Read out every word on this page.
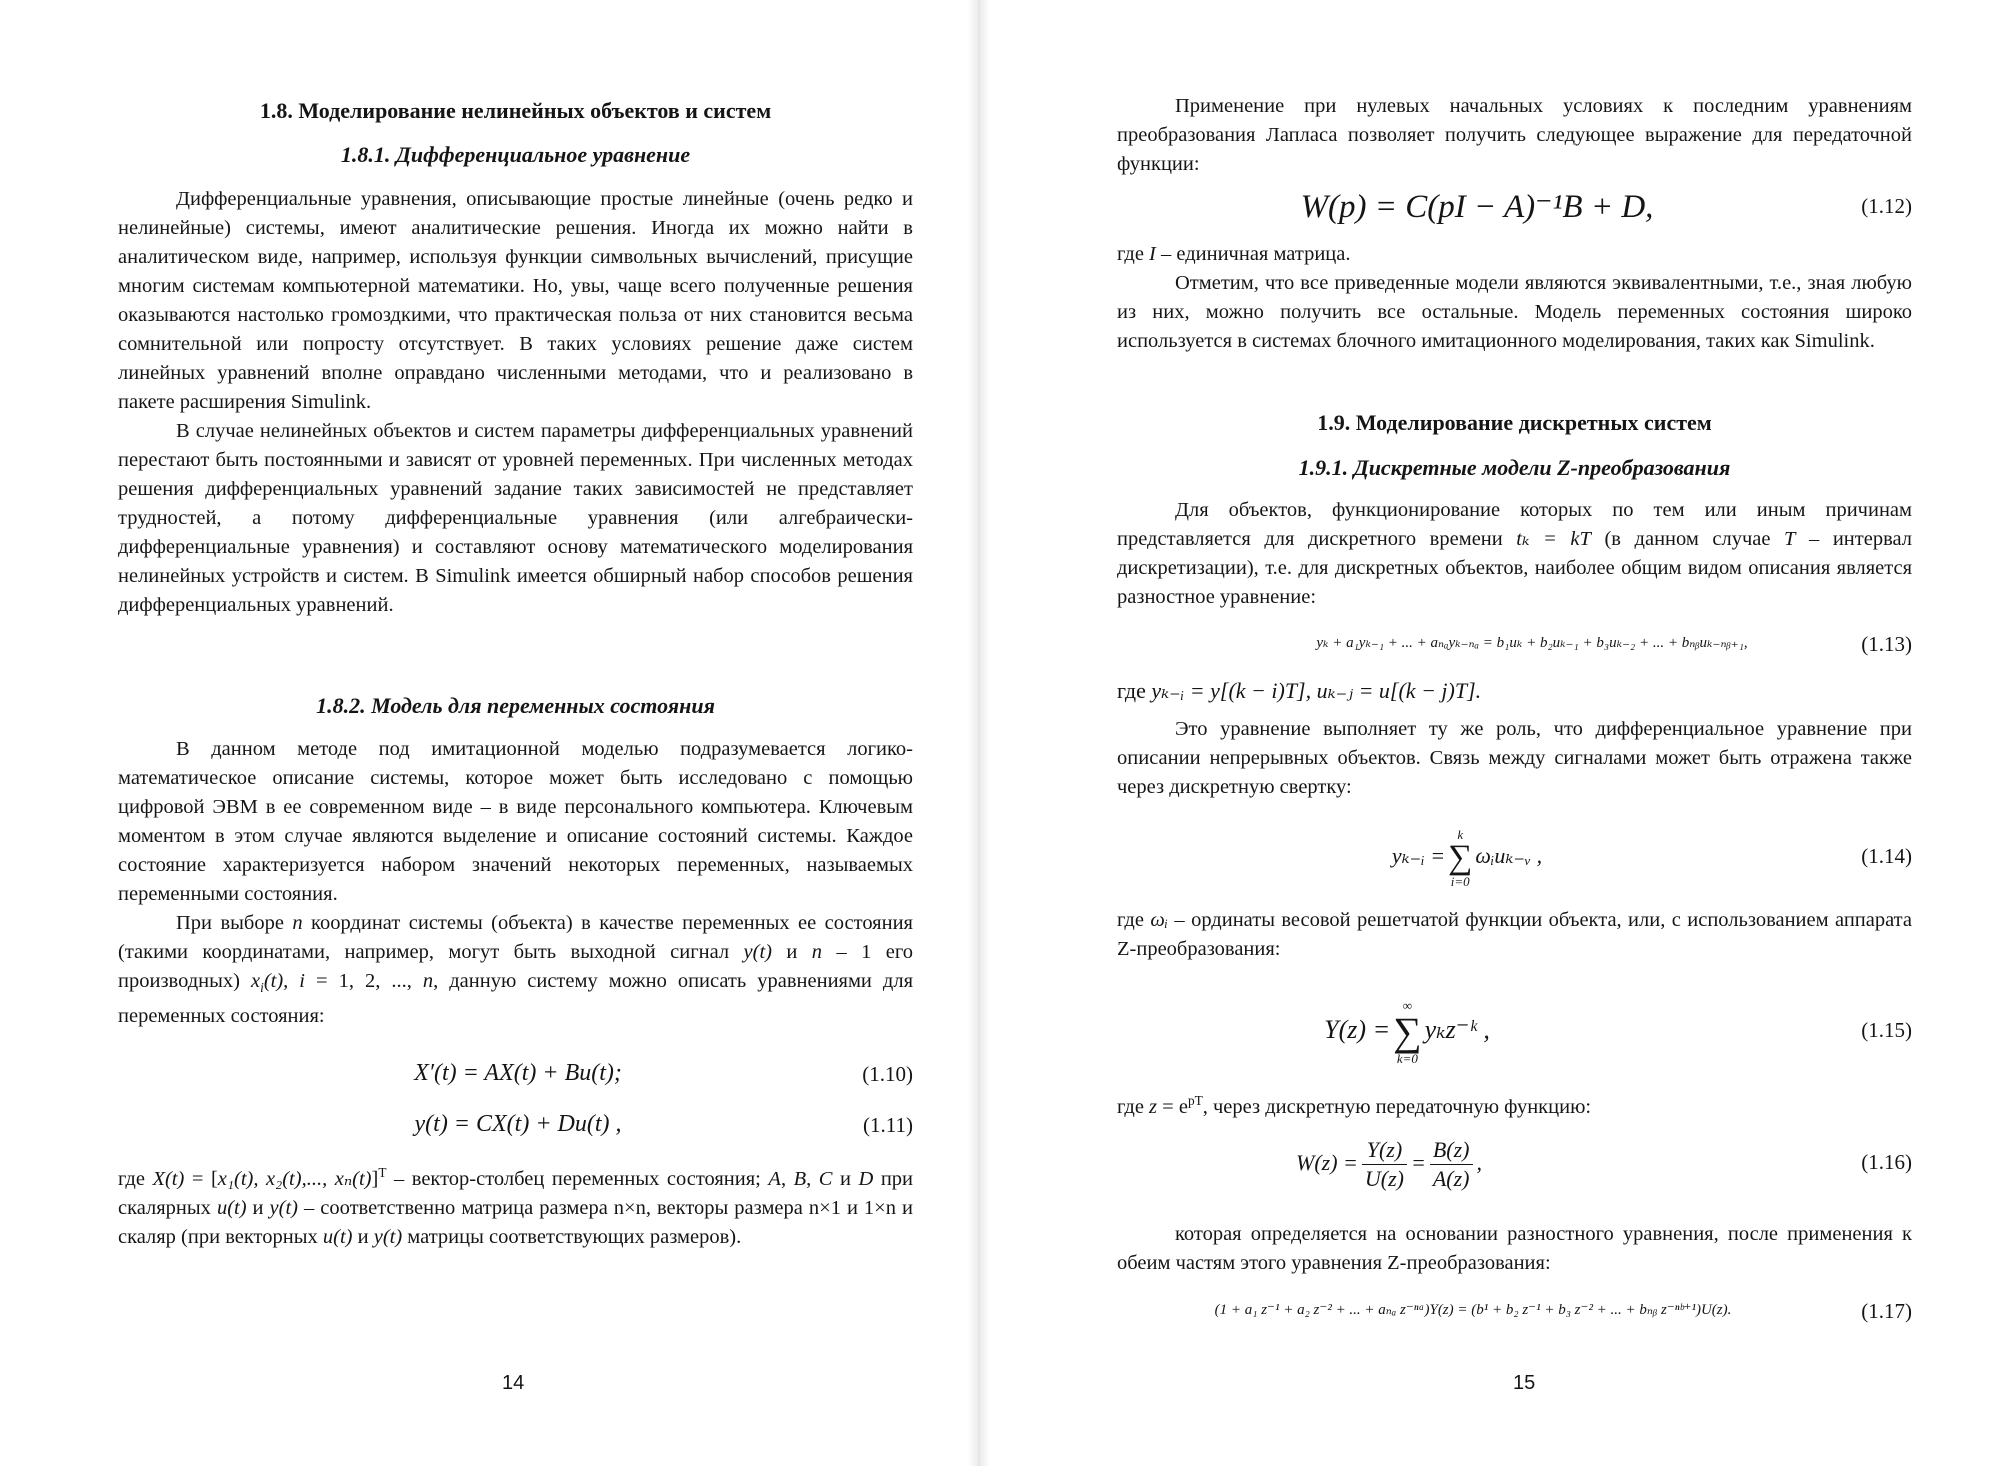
1.8. Моделирование нелинейных объектов и систем
1.8.1. Дифференциальное уравнение

Дифференциальные уравнения, описывающие простые линейные (очень редко и нелинейные) системы, имеют аналитические решения. Иногда их можно найти в аналитическом виде, например, используя функции символьных вычислений, присущие многим системам компьютерной математики. Но, увы, чаще всего полученные решения оказываются настолько громоздкими, что практическая польза от них становится весьма сомнительной или попросту отсутствует. В таких условиях решение даже систем линейных уравнений вполне оправдано численными методами, что и реализовано в пакете расширения Simulink.

В случае нелинейных объектов и систем параметры дифференциальных уравнений перестают быть постоянными и зависят от уровней переменных. При численных методах решения дифференциальных уравнений задание таких зависимостей не представляет трудностей, а потому дифференциальные уравнения (или алгебраически-дифференциальные уравнения) и составляют основу математического моделирования нелинейных устройств и систем. В Simulink имеется обширный набор способов решения дифференциальных уравнений.

1.8.2. Модель для переменных состояния

В данном методе под имитационной моделью подразумевается логико-математическое описание системы, которое может быть исследовано с помощью цифровой ЭВМ в ее современном виде – в виде персонального компьютера. Ключевым моментом в этом случае являются выделение и описание состояний системы. Каждое состояние характеризуется набором значений некоторых переменных, называемых переменными состояния.

При выборе n координат системы (объекта) в качестве переменных ее состояния (такими координатами, например, могут быть выходной сигнал y(t) и n – 1 его производных) $x_i(t)$, i = 1, 2, ..., n, данную систему можно описать уравнениями для переменных состояния:

X′(t) = AX(t) + Bu(t);	(1.10)
y(t) = CX(t) + Du(t) ,	(1.11)

где X(t) = [x₁(t), x₂(t),..., xₙ(t)]$^T$ – вектор-столбец переменных состояния; A, B, C и D при скалярных u(t) и y(t) – соответственно матрица размера n×n, векторы размера n×1 и 1×n и скаляр (при векторных u(t) и y(t) матрицы соответствующих размеров).

14

Применение при нулевых начальных условиях к последним уравнениям преобразования Лапласа позволяет получить следующее выражение для передаточной функции:

W(p) = C(pI − A)⁻¹B + D,	(1.12)

где I – единичная матрица.

Отметим, что все приведенные модели являются эквивалентными, т.е., зная любую из них, можно получить все остальные. Модель переменных состояния широко используется в системах блочного имитационного моделирования, таких как Simulink.

1.9. Моделирование дискретных систем
1.9.1. Дискретные модели Z-преобразования

Для объектов, функционирование которых по тем или иным причинам представляется для дискретного времени tₖ = kT (в данном случае T – интервал дискретизации), т.е. для дискретных объектов, наиболее общим видом описания является разностное уравнение:

yₖ + a₁yₖ₋₁ + ... + aₙₐyₖ₋ₙₐ = b₁uₖ + b₂uₖ₋₁ + b₃uₖ₋₂ + ... + bₙᵦuₖ₋ₙᵦ₊₁,	(1.13)

где yₖ₋ᵢ = y[(k − i)T], uₖ₋ⱼ = u[(k − j)T].

Это уравнение выполняет ту же роль, что дифференциальное уравнение при описании непрерывных объектов. Связь между сигналами может быть отражена также через дискретную свертку:

yₖ₋ᵢ =
k
∑
i=0
ωᵢuₖ₋ᵥ ,	(1.14)

где ωᵢ – ординаты весовой решетчатой функции объекта, или, с использованием аппарата Z-преобразования:

Y(z) =
∞
∑
k=0
yₖz⁻ᵏ ,	(1.15)

где $z = e^{pT}$, через дискретную передаточную функцию:

$W(z) = \frac{Y(z)}{U(z)} = \frac{B(z)}{A(z)}$ ,	(1.16)

которая определяется на основании разностного уравнения, после применения к обеим частям этого уравнения Z-преобразования:

(1 + a₁ z⁻¹ + a₂ z⁻² + ... + aₙₐ z⁻ⁿᵃ)Y(z) = (b¹ + b₂ z⁻¹ + b₃ z⁻² + ... + bₙᵦ z⁻ⁿᵇ⁺¹)U(z).	(1.17)
15
